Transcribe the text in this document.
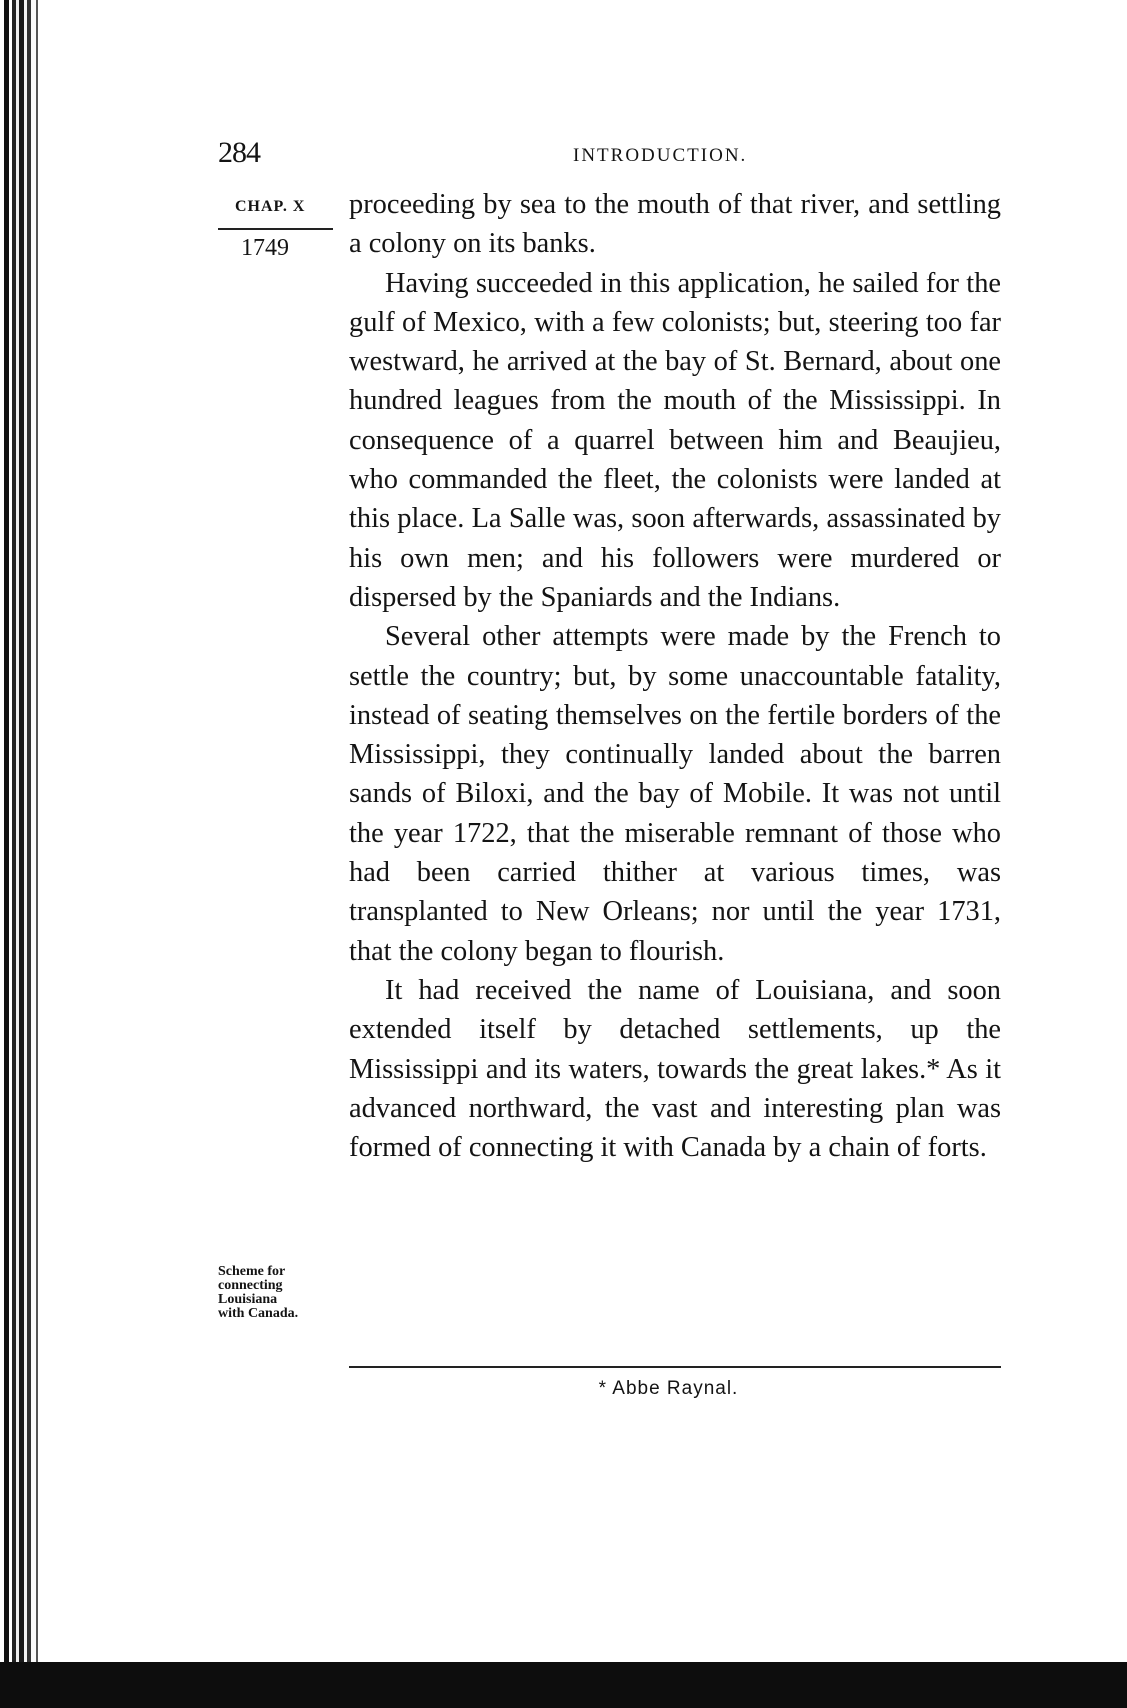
284	INTRODUCTION.
CHAP. X
1749
Scheme for
connecting
Louisiana
with Canada.

proceeding by sea to the mouth of that river, and settling a colony on its banks.

Having succeeded in this application, he sailed for the gulf of Mexico, with a few colonists; but, steering too far westward, he arrived at the bay of St. Bernard, about one hundred leagues from the mouth of the Mississippi. In consequence of a quarrel between him and Beaujieu, who commanded the fleet, the colonists were landed at this place. La Salle was, soon afterwards, assassinated by his own men; and his followers were murdered or dispersed by the Spaniards and the Indians.

Several other attempts were made by the French to settle the country; but, by some unaccountable fatality, instead of seating themselves on the fertile borders of the Mississippi, they continually landed about the barren sands of Biloxi, and the bay of Mobile. It was not until the year 1722, that the miserable remnant of those who had been carried thither at various times, was transplanted to New Orleans; nor until the year 1731, that the colony began to flourish.

It had received the name of Louisiana, and soon extended itself by detached settlements, up the Mississippi and its waters, towards the great lakes.* As it advanced northward, the vast and interesting plan was formed of connecting it with Canada by a chain of forts.

* Abbe Raynal.
